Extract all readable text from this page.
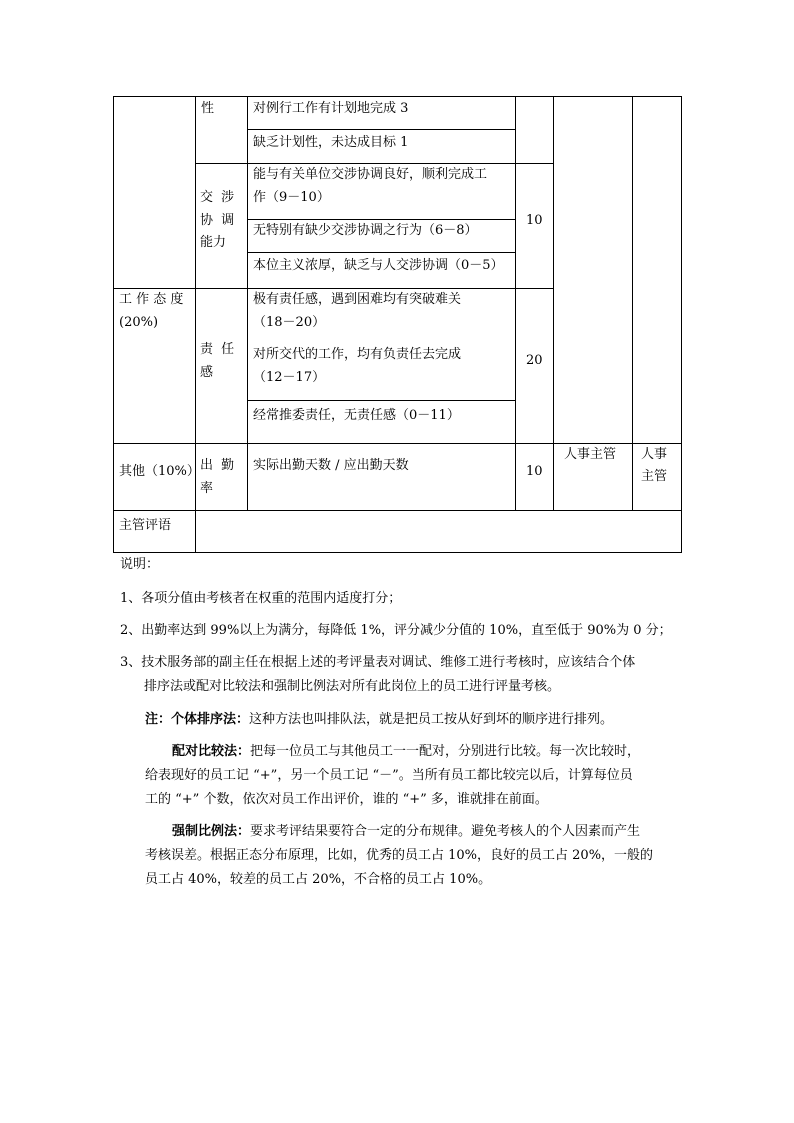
性	对例行工作有计划地完成 3
缺乏计划性，未达成目标 1
交 涉
协 调
能力
能与有关单位交涉协调良好，顺利完成工
作（9－10）
无特别有缺少交涉协调之行为（6－8）
本位主义浓厚，缺乏与人交涉协调（0－5）
10
工 作 态 度
(20%)
责 任
感
极有责任感，遇到困难均有突破难关
（18－20）
对所交代的工作，均有负责任去完成
（12－17）
经常推委责任，无责任感（0－11）
20
其他（10%） 出 勤
率
实际出勤天数 / 应出勤天数	10
人事主管 人事
主管
主管评语
说明：
1、各项分值由考核者在权重的范围内适度打分；
2、出勤率达到 99%以上为满分，每降低 1%，评分减少分值的 10%，直至低于 90%为 0 分；
3、技术服务部的副主任在根据上述的考评量表对调试、维修工进行考核时，应该结合个体
排序法或配对比较法和强制比例法对所有此岗位上的员工进行评量考核。
注：个体排序法：这种方法也叫排队法，就是把员工按从好到坏的顺序进行排列。
配对比较法：把每一位员工与其他员工一一配对，分别进行比较。每一次比较时，
给表现好的员工记 “+”，另一个员工记 “－”。当所有员工都比较完以后，计算每位员
工的 “+” 个数，依次对员工作出评价，谁的 “+” 多，谁就排在前面。
强制比例法：要求考评结果要符合一定的分布规律。避免考核人的个人因素而产生
考核误差。根据正态分布原理，比如，优秀的员工占 10%，良好的员工占 20%，一般的
员工占 40%，较差的员工占 20%，不合格的员工占 10%。
